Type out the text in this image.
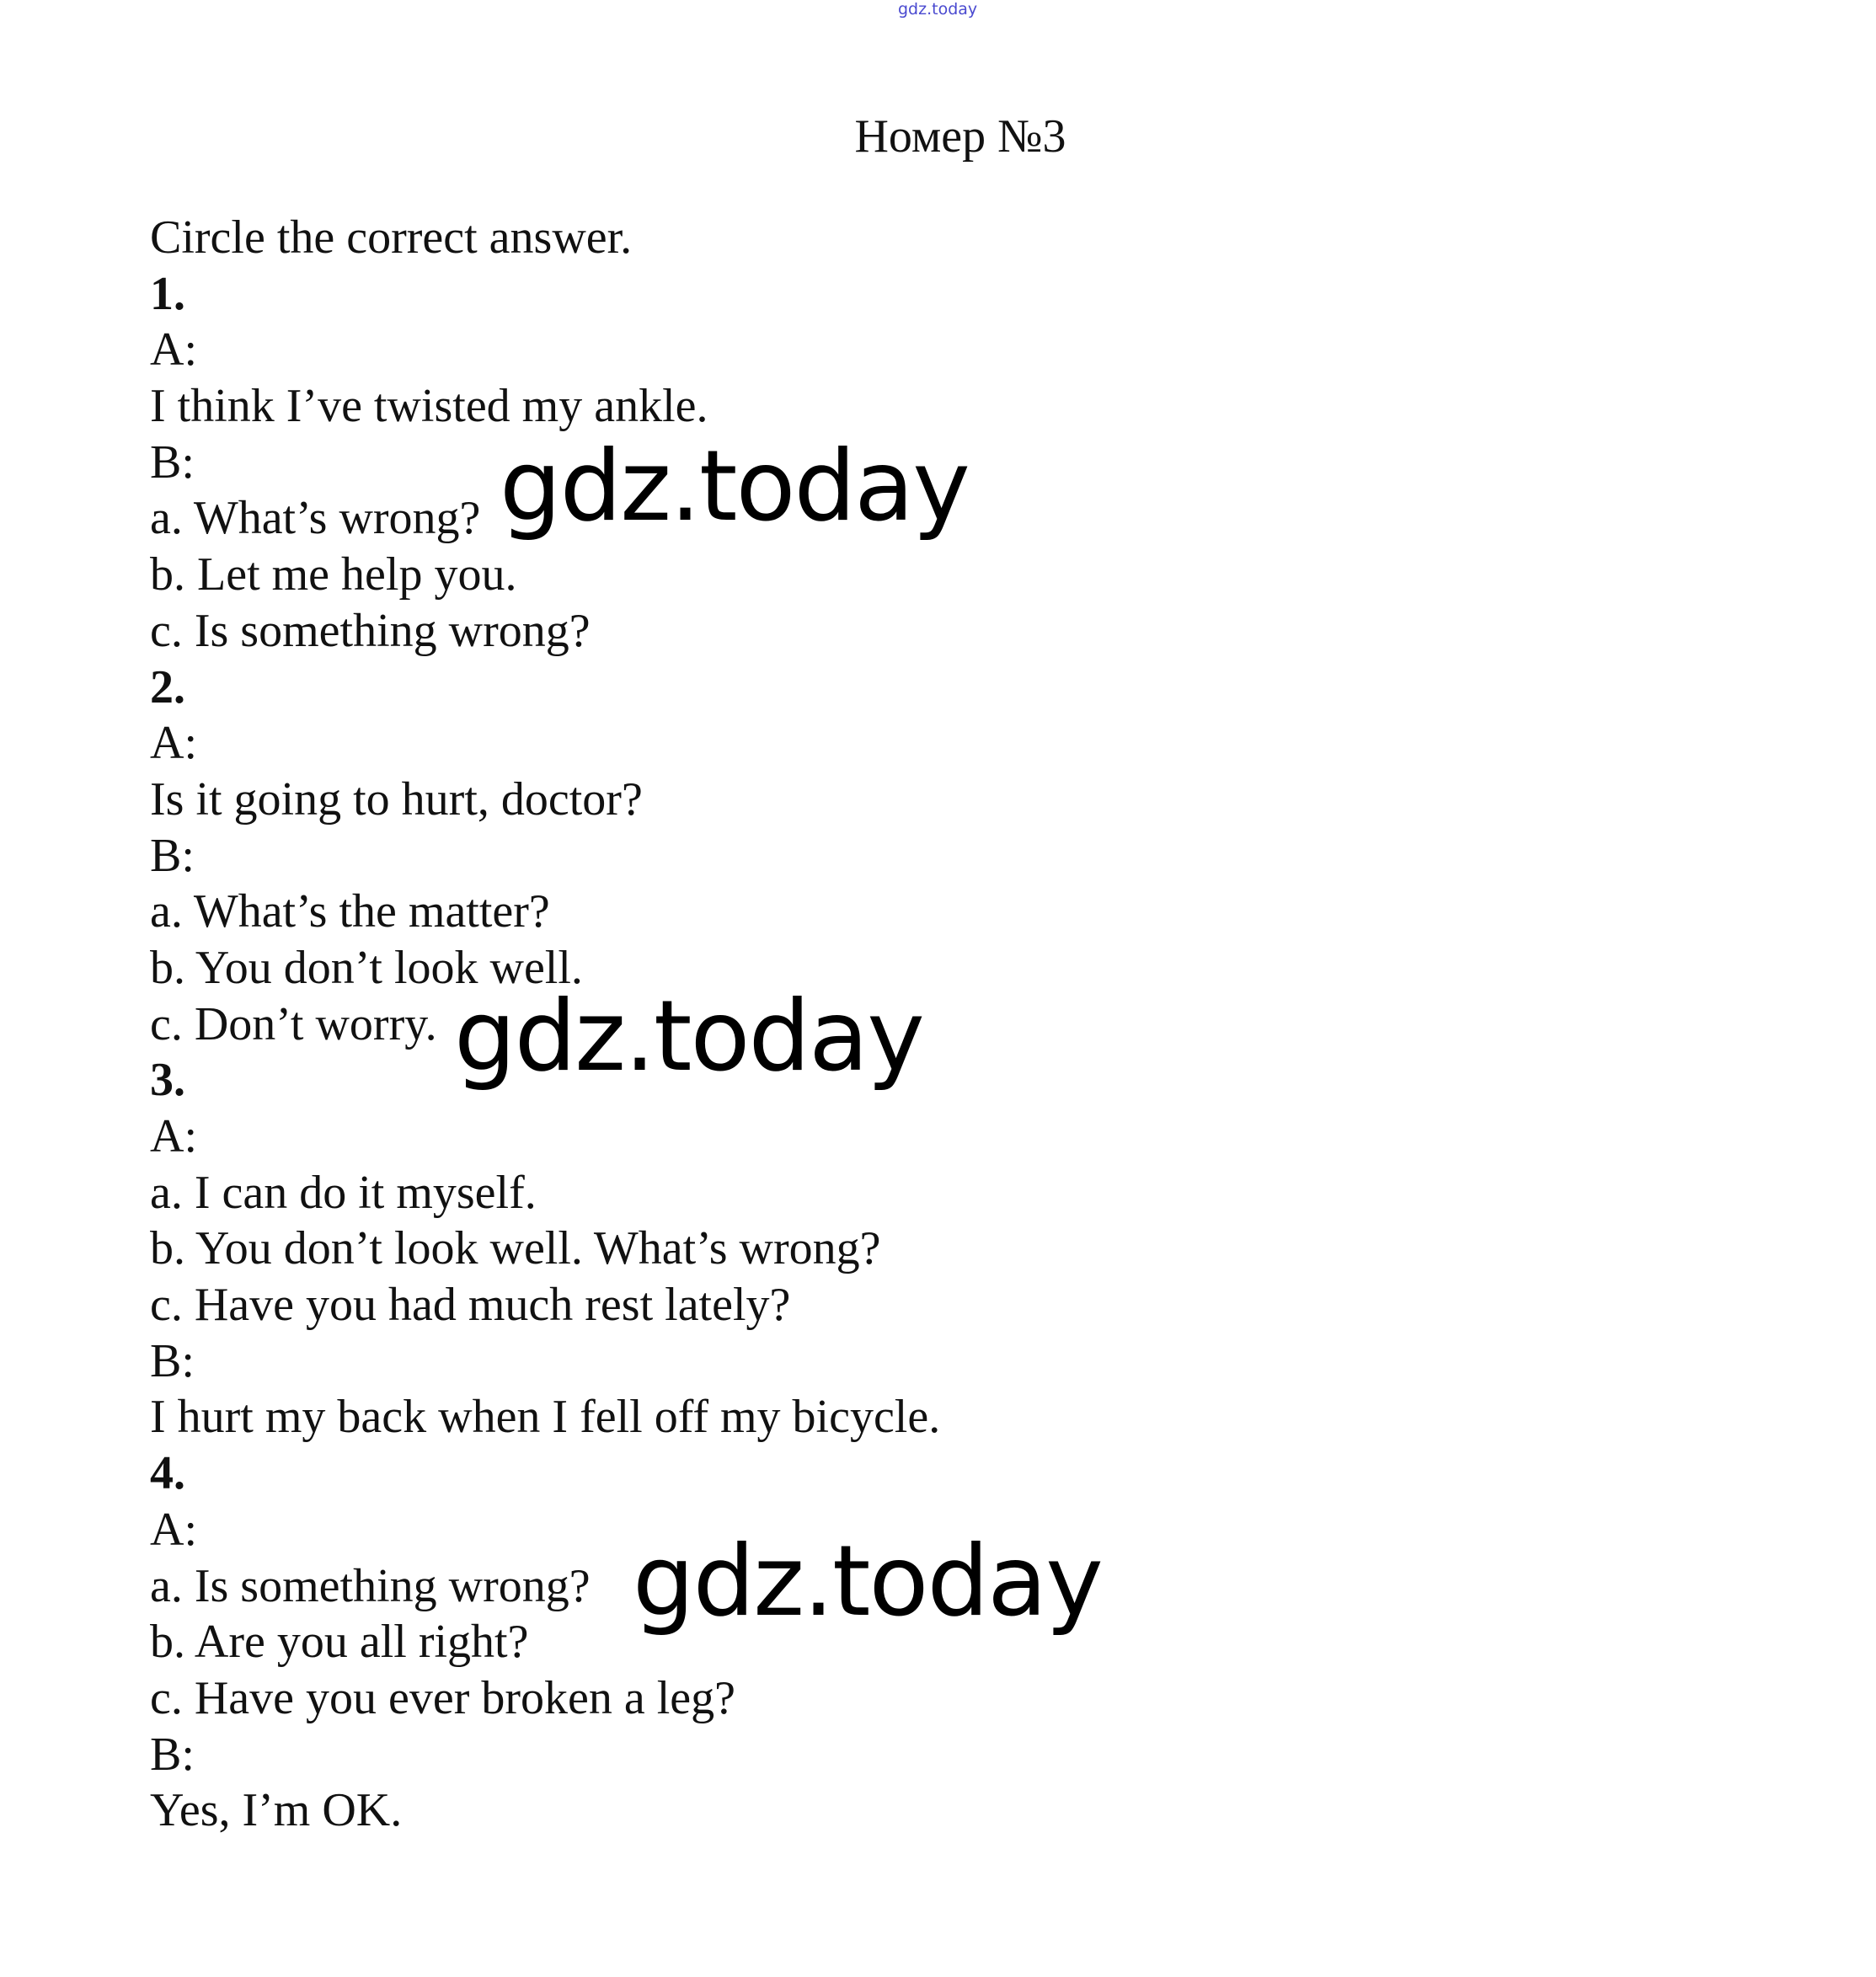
gdz.today
Номер №3
Circle the correct answer.
1.
A:
I think I’ve twisted my ankle.
B:
a. What’s wrong?
b. Let me help you.
c. Is something wrong?
2.
A:
Is it going to hurt, doctor?
B:
a. What’s the matter?
b. You don’t look well.
c. Don’t worry.
3.
A:
a. I can do it myself.
b. You don’t look well. What’s wrong?
c. Have you had much rest lately?
B:
I hurt my back when I fell off my bicycle.
4.
A:
a. Is something wrong?
b. Are you all right?
c. Have you ever broken a leg?
B:
Yes, I’m OK.
gdz.today
gdz.today
gdz.today
